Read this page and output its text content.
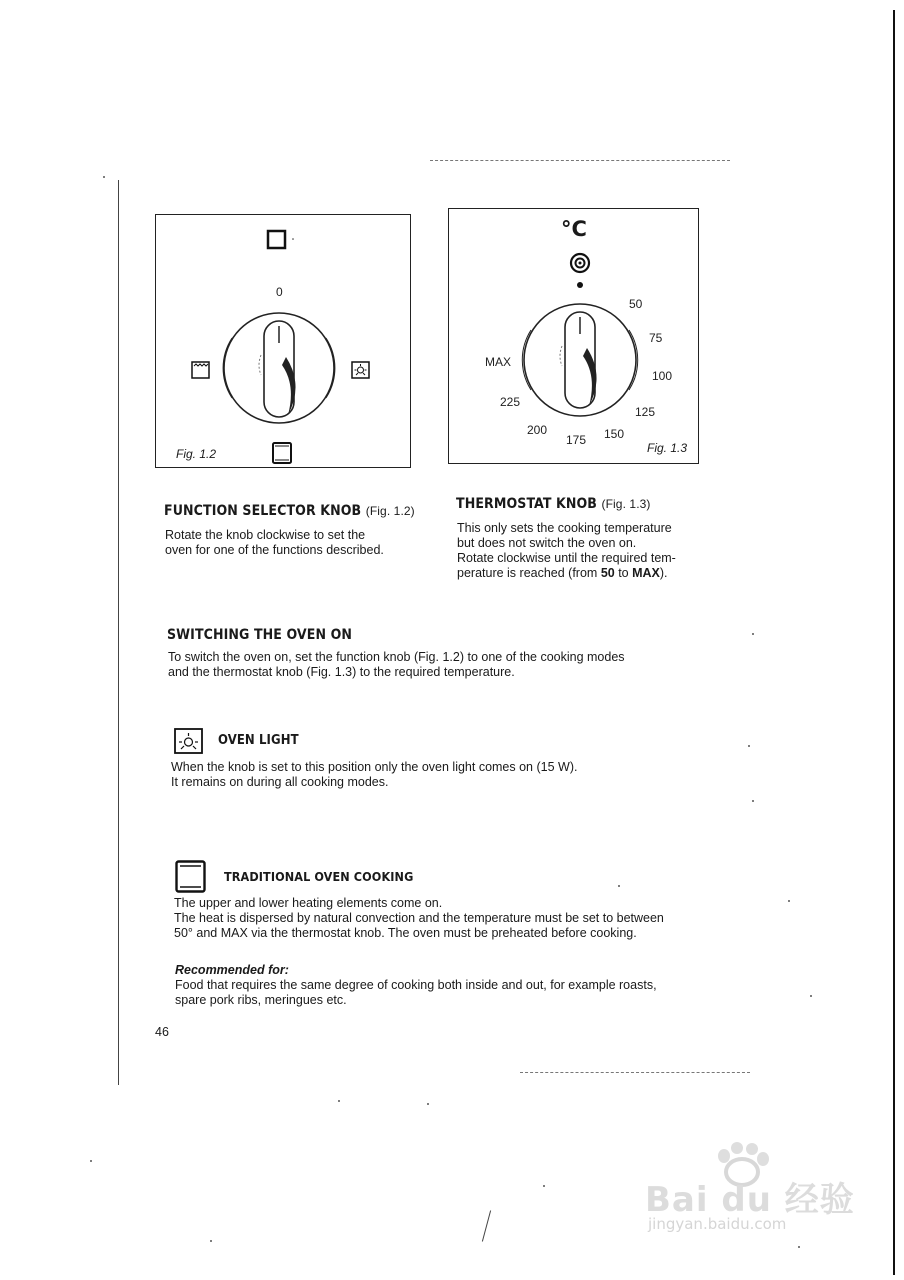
0
Fig. 1.2
°C
50
75
100
125
150
175
200
225
MAX
Fig. 1.3
FUNCTION SELECTOR KNOB (Fig. 1.2)
Rotate the knob clockwise to set the
oven for one of the functions described.
THERMOSTAT KNOB (Fig. 1.3)
This only sets the cooking temperature
but does not switch the oven on.
Rotate clockwise until the required tem-
perature is reached (from 50 to MAX).
SWITCHING THE OVEN ON
To switch the oven on, set the function knob (Fig. 1.2) to one of the cooking modes
and the thermostat knob (Fig. 1.3) to the required temperature.
OVEN LIGHT
When the knob is set to this position only the oven light comes on (15 W).
It remains on during all cooking modes.
TRADITIONAL OVEN COOKING
The upper and lower heating elements come on.
The heat is dispersed by natural convection and the temperature must be set to between
50° and MAX via the thermostat knob. The oven must be preheated before cooking.
Recommended for:
Food that requires the same degree of cooking both inside and out, for example roasts,
spare pork ribs, meringues etc.
46
Bai du 经验
jingyan.baidu.com
